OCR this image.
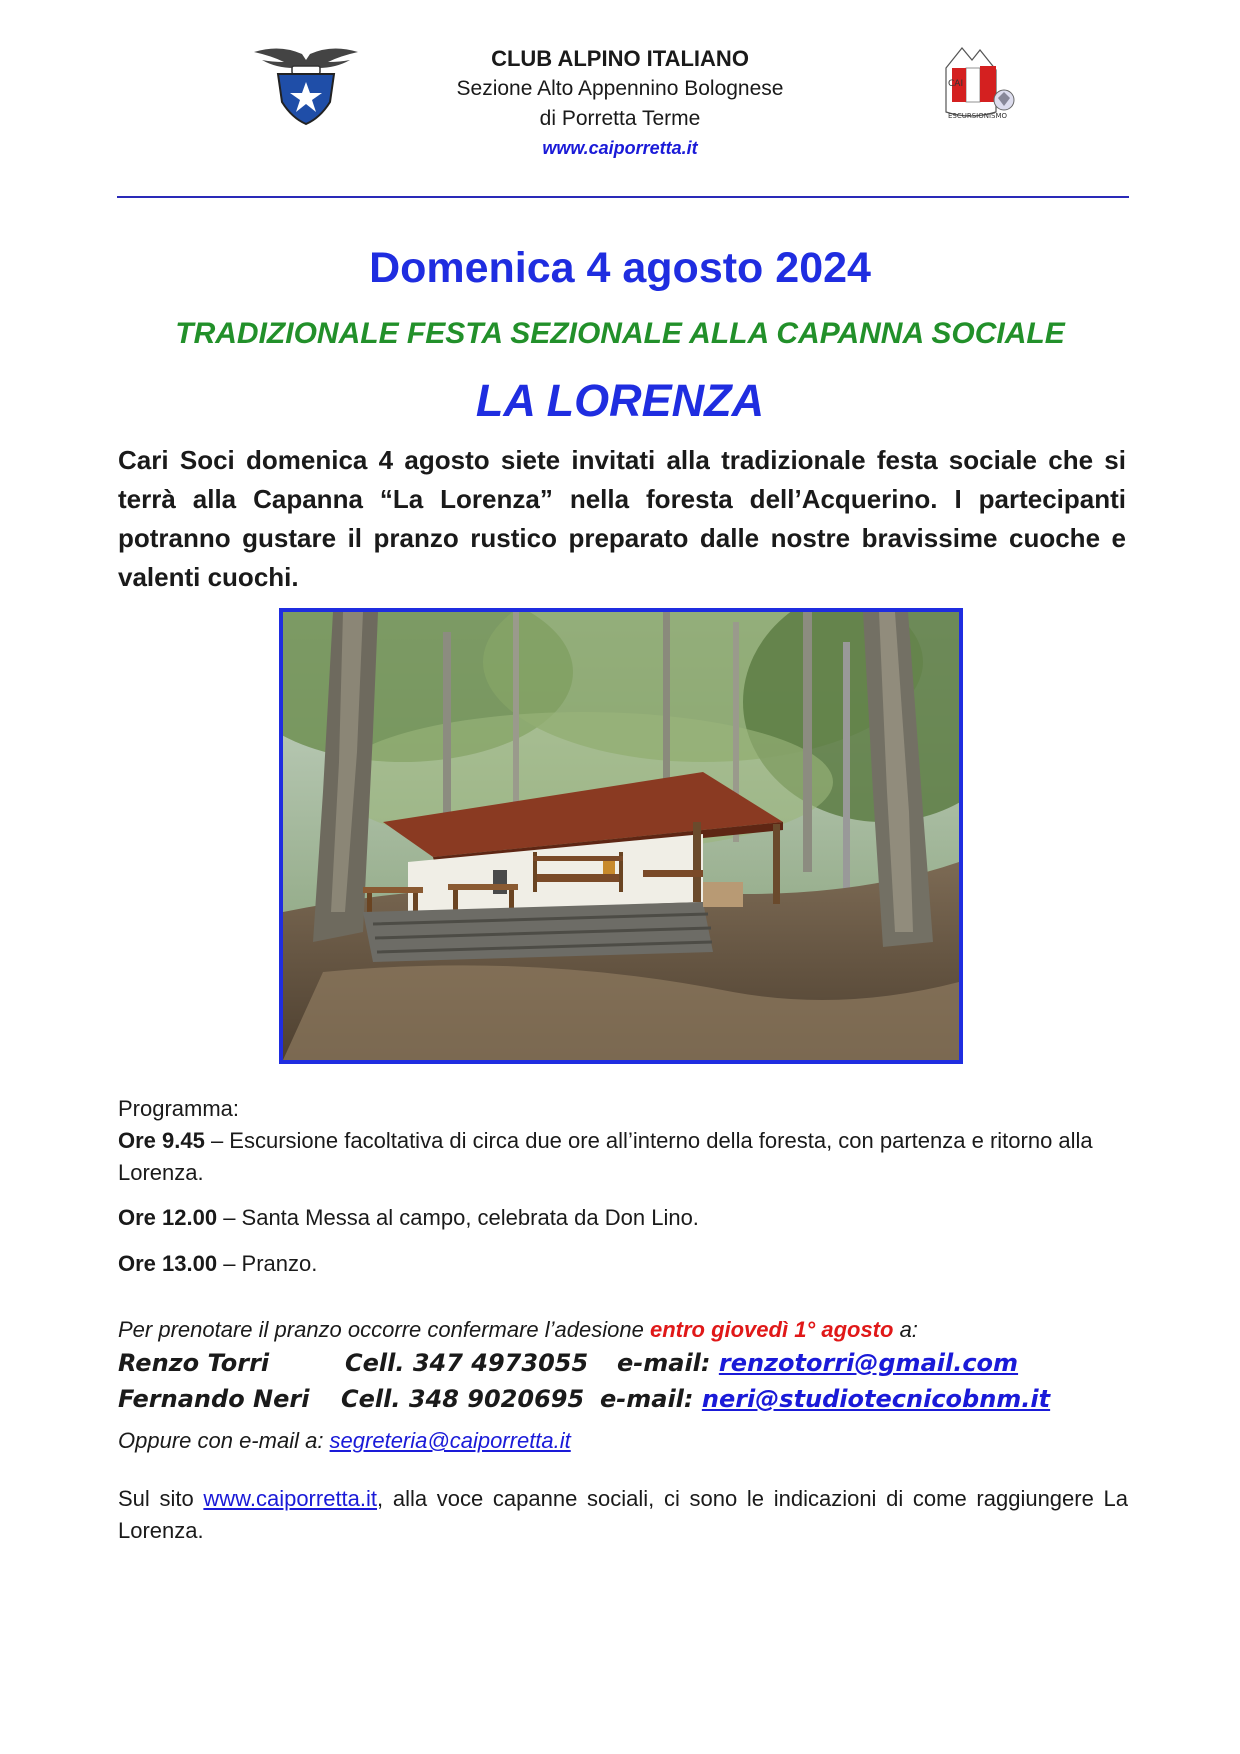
CAI
ESCURSIONISMO
CLUB ALPINO ITALIANO
Sezione Alto Appennino Bolognese
di Porretta Terme
www.caiporretta.it
Domenica 4 agosto 2024
TRADIZIONALE FESTA SEZIONALE ALLA CAPANNA SOCIALE
LA LORENZA
Cari Soci domenica 4 agosto siete invitati alla tradizionale festa sociale che si terrà alla Capanna “La Lorenza” nella foresta dell’Acquerino. I partecipanti potranno gustare il pranzo rustico preparato dalle nostre bravissime cuoche e valenti cuochi.
Programma:
Ore 9.45 – Escursione facoltativa di circa due ore all’interno della foresta, con partenza e ritorno alla Lorenza.
Ore 12.00 – Santa Messa al campo, celebrata da Don Lino.
Ore 13.00 – Pranzo.
Per prenotare il pranzo occorre confermare l’adesione entro giovedì 1° agosto a:
Renzo Torri	Cell. 347 4973055 e-mail: renzotorri@gmail.com
Fernando Neri Cell. 348 9020695 e-mail: neri@studiotecnicobnm.it
Oppure con e-mail a: segreteria@caiporretta.it
Sul sito www.caiporretta.it, alla voce capanne sociali, ci sono le indicazioni di come raggiungere La Lorenza.
